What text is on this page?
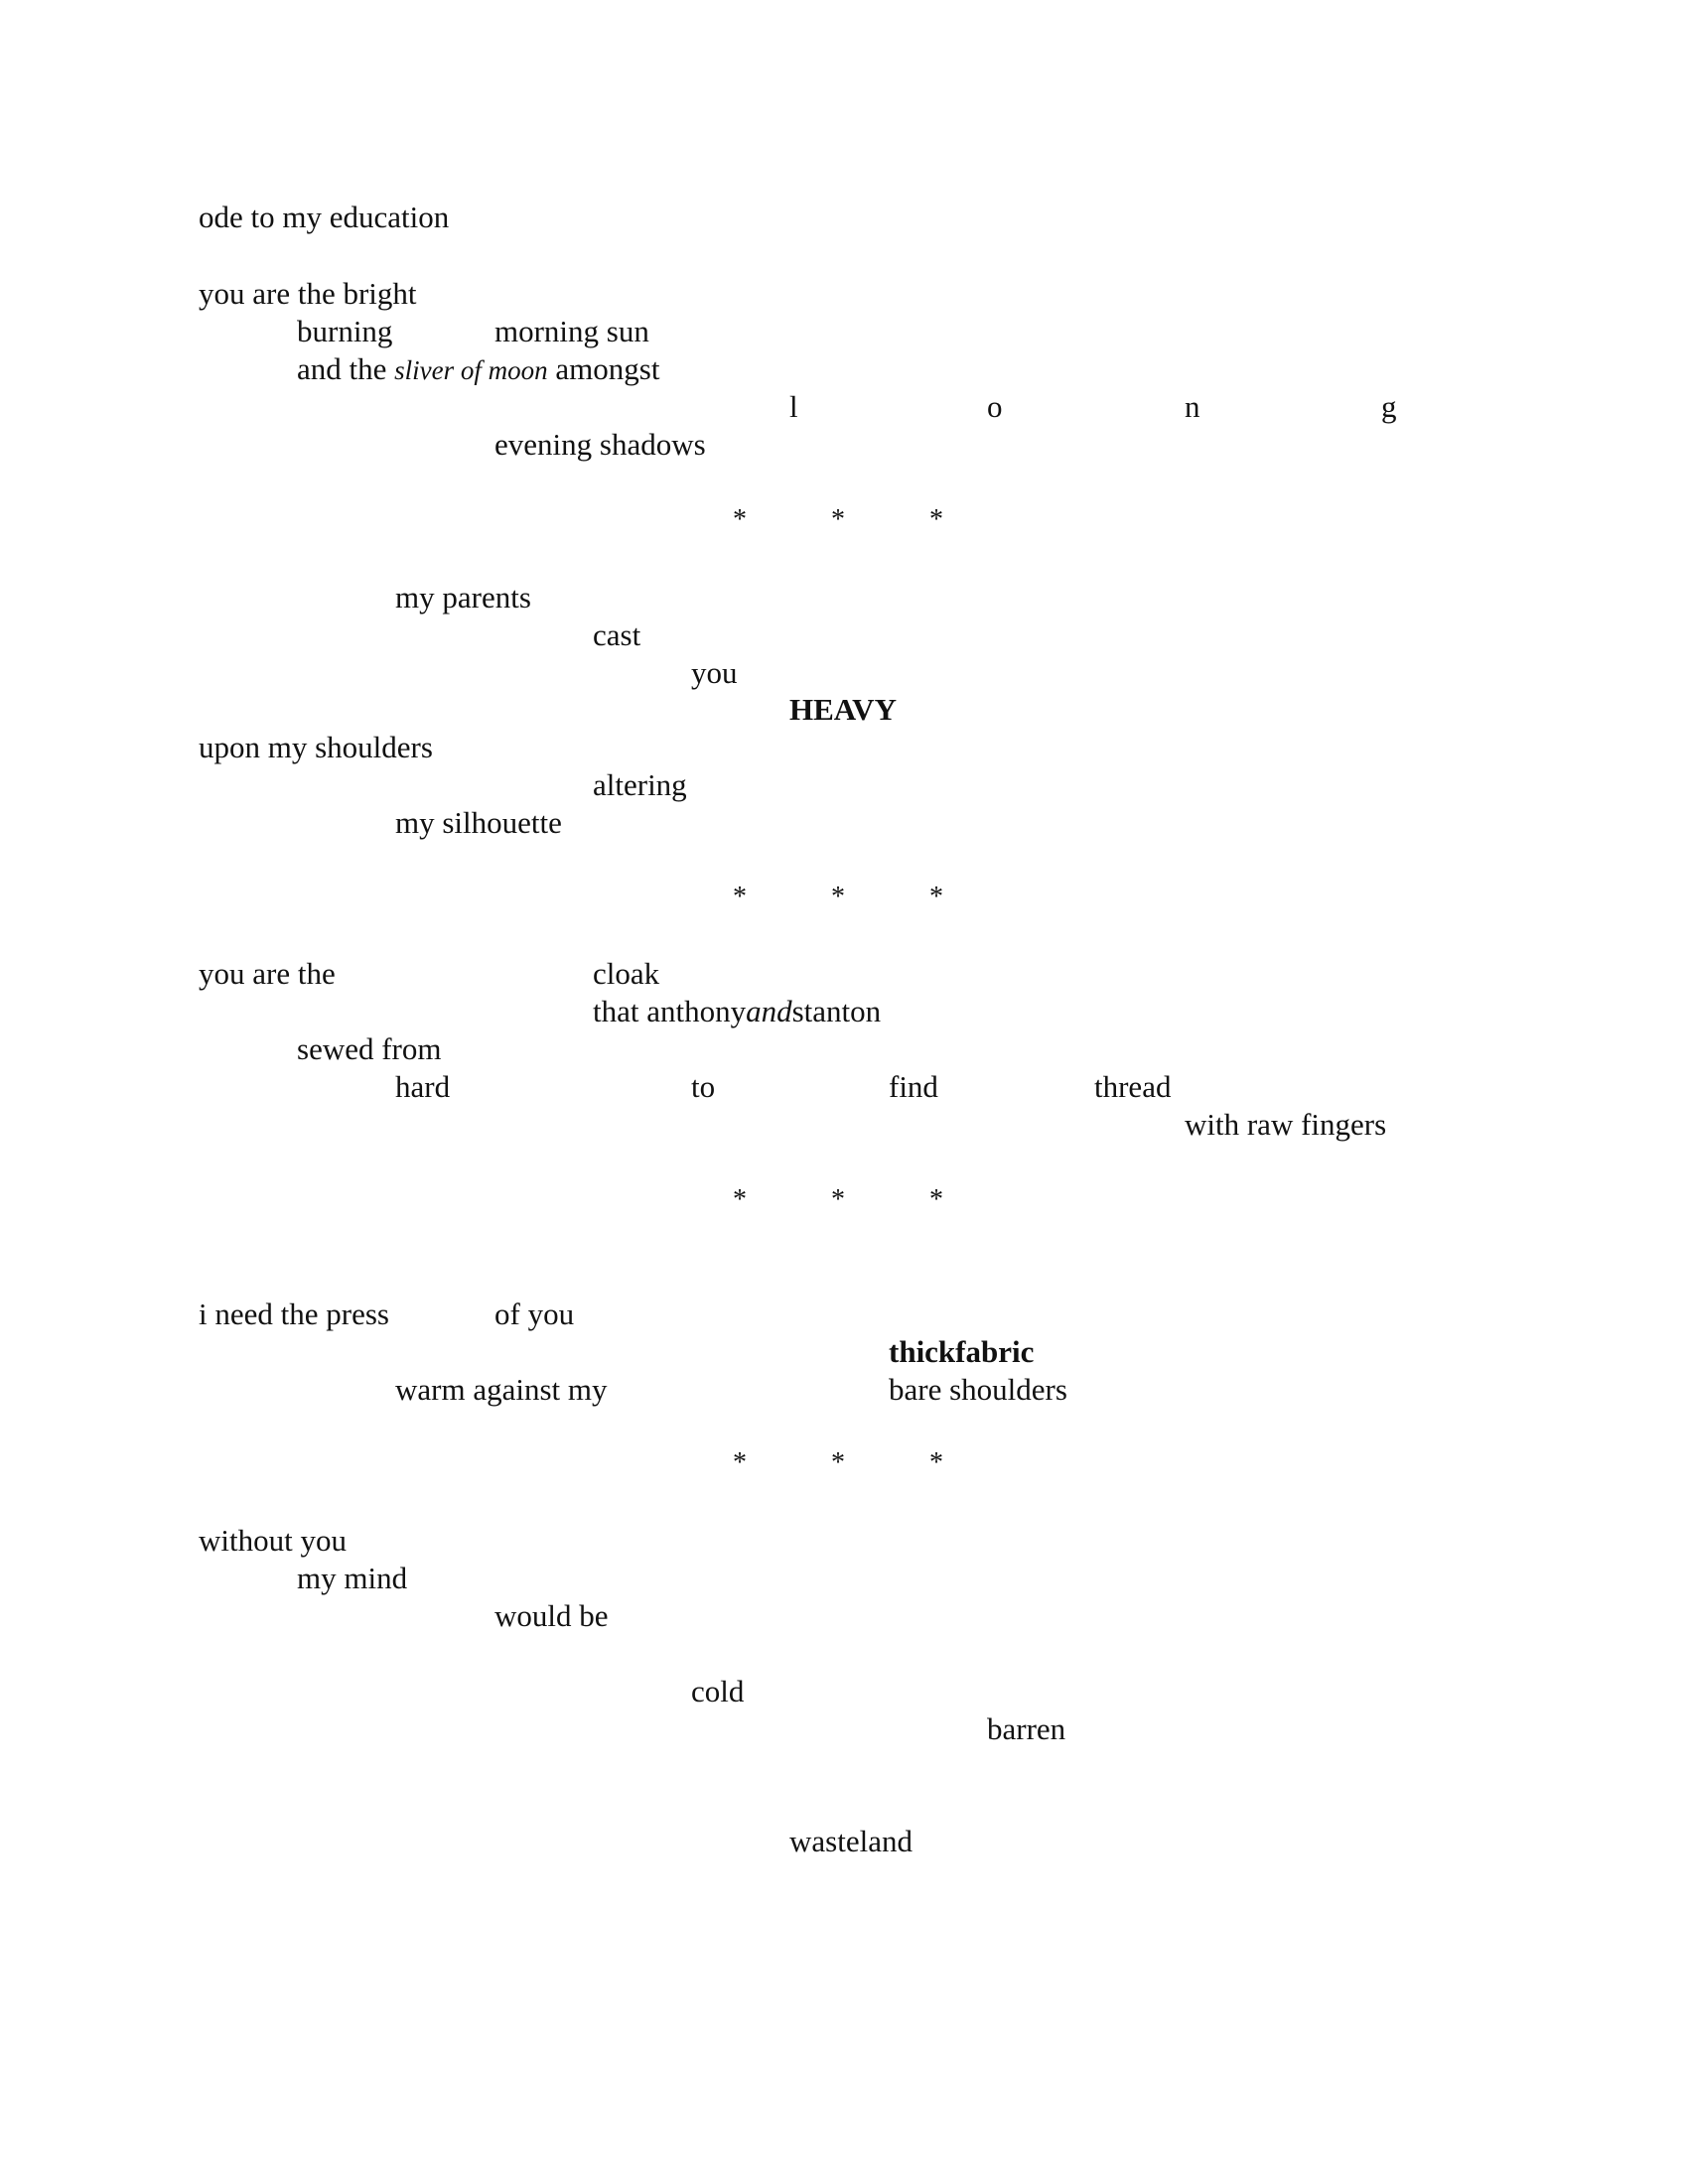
ode to my education
you are the bright
burning	morning sun
and the sliver of moon amongst
l	o	n	g
evening shadows
*	*	*
my parents
cast
you
HEAVY
upon my shoulders
altering
my silhouette
*	*	*
you are the	cloak
that anthonyandstanton
sewed from
hard	to	find	thread
with raw fingers
*	*	*
i need the press	of you
thickfabric
warm against my	bare shoulders
*	*	*
without you
my mind
would be
cold
barren
wasteland
